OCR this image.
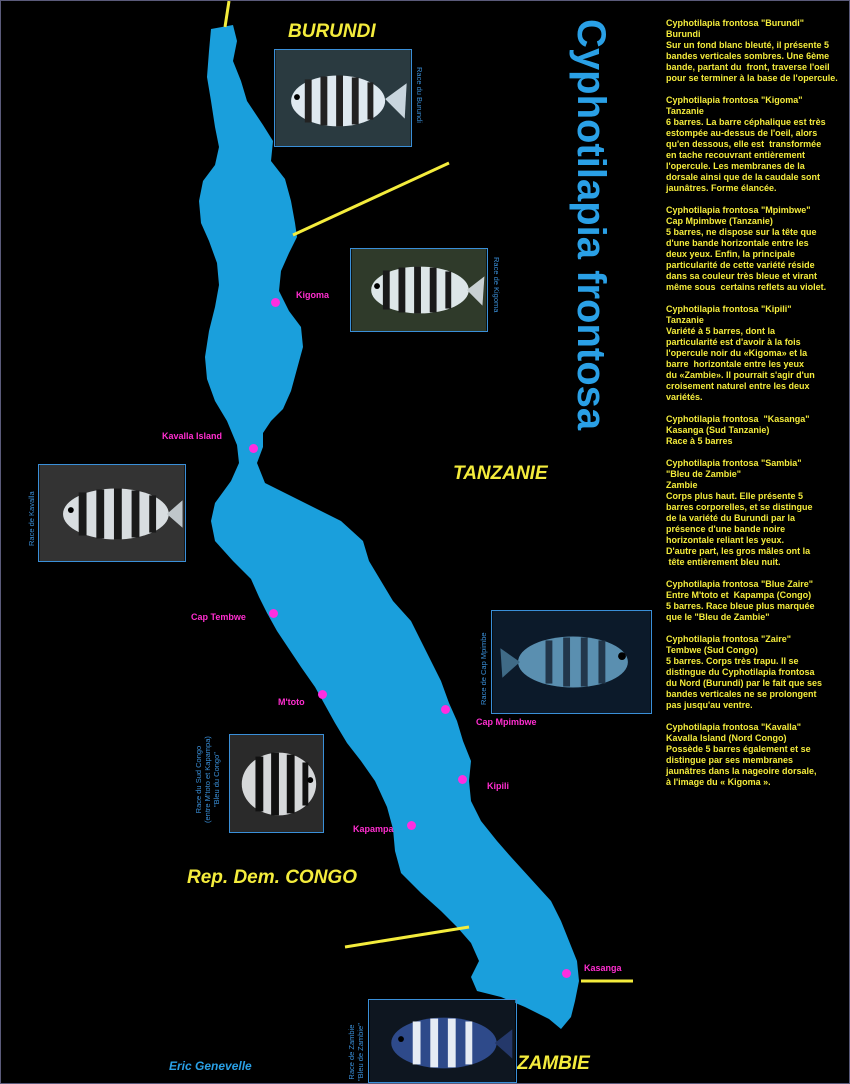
BURUNDI
TANZANIE
Rep. Dem. CONGO
ZAMBIE
Kigoma
Kavalla Island
Cap Tembwe
M'toto
Cap Mpimbwe
Kipili
Kapampa
Kasanga
Race du Burundi
Race de Kigoma
Race de Kavalla
Race de Cap Mpimbe
Race du Sud Congo (entre M'toto et Kapampa) "Bleu du Congo"
Race de Zambie "Bleu de Zambie"
Cyphotilapia frontosa	Cyphotilapia frontosa "Burundi"
Burundi
Sur un fond blanc bleuté, il présente 5
bandes verticales sombres. Une 6ème
bande, partant du  front, traverse l'oeil
pour se terminer à la base de l'opercule.
Cyphotilapia frontosa "Kigoma"
Tanzanie
6 barres. La barre céphalique est très
estompée au-dessus de l'oeil, alors
qu'en dessous, elle est  transformée
en tache recouvrant entièrement
l'opercule. Les membranes de la
dorsale ainsi que de la caudale sont
jaunâtres. Forme élancée.
Cyphotilapia frontosa "Mpimbwe"
Cap Mpimbwe (Tanzanie)
5 barres, ne dispose sur la tête que
d'une bande horizontale entre les
deux yeux. Enfin, la principale
particularité de cette variété réside
dans sa couleur très bleue et virant
même sous  certains reflets au violet.
Cyphotilapia frontosa "Kipili"
Tanzanie
Variété à 5 barres, dont la
particularité est d'avoir à la fois
l'opercule noir du «Kigoma» et la
barre  horizontale entre les yeux
du «Zambie». Il pourrait s'agir d'un
croisement naturel entre les deux
variétés.
Cyphotilapia frontosa  "Kasanga"
Kasanga (Sud Tanzanie)
Race à 5 barres
Cyphotilapia frontosa "Sambia"
"Bleu de Zambie"
Zambie
Corps plus haut. Elle présente 5
barres corporelles, et se distingue
de la variété du Burundi par la
présence d'une bande noire
horizontale reliant les yeux.
D'autre part, les gros mâles ont la
tête entièrement bleu nuit.
Cyphotilapia frontosa "Blue Zaire"
Entre M'toto et  Kapampa (Congo)
5 barres. Race bleue plus marquée
que le "Bleu de Zambie"
Cyphotilapia frontosa "Zaire"
Tembwe (Sud Congo)
5 barres. Corps très trapu. Il se
distingue du Cyphotilapia frontosa
du Nord (Burundi) par le fait que ses
bandes verticales ne se prolongent
pas jusqu'au ventre.
Cyphotilapia frontosa "Kavalla"
Kavalla Island (Nord Congo)
Possède 5 barres également et se
distingue par ses membranes
jaunâtres dans la nageoire dorsale,
à l'image du « Kigoma ».
Eric Genevelle
